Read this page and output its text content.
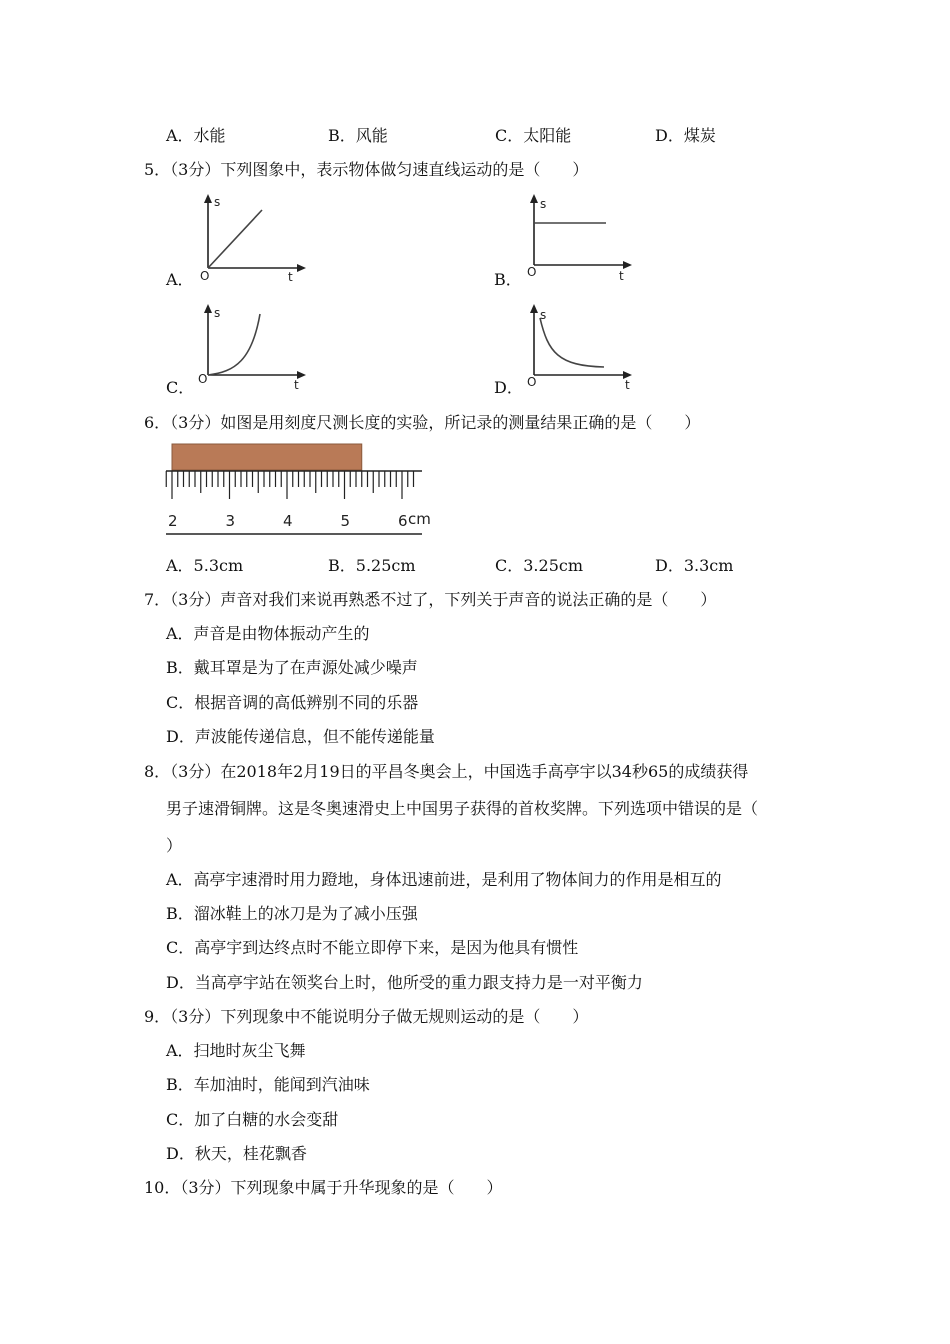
A．水能	B．风能	C．太阳能	D．煤炭
5．（3分）下列图象中，表示物体做匀速直线运动的是（　　）
A．
s
O	t	B．
s
O	t
C．
s
O	t	D．
s
O	t
6．（3分）如图是用刻度尺测长度的实验，所记录的测量结果正确的是（　　）
2	3	4	5	6 cm
A．5.3cm	B．5.25cm	C．3.25cm	D．3.3cm
7．（3分）声音对我们来说再熟悉不过了，下列关于声音的说法正确的是（　　）
A．声音是由物体振动产生的
B．戴耳罩是为了在声源处减少噪声
C．根据音调的高低辨别不同的乐器
D．声波能传递信息，但不能传递能量
8．（3分）在2018年2月19日的平昌冬奥会上，中国选手高亭宇以34秒65的成绩获得
男子速滑铜牌。这是冬奥速滑史上中国男子获得的首枚奖牌。下列选项中错误的是（
）
A．高亭宇速滑时用力蹬地，身体迅速前进，是利用了物体间力的作用是相互的
B．溜冰鞋上的冰刀是为了减小压强
C．高亭宇到达终点时不能立即停下来，是因为他具有惯性
D．当高亭宇站在领奖台上时，他所受的重力跟支持力是一对平衡力
9．（3分）下列现象中不能说明分子做无规则运动的是（　　）
A．扫地时灰尘飞舞
B．车加油时，能闻到汽油味
C．加了白糖的水会变甜
D．秋天，桂花飘香
10．（3分）下列现象中属于升华现象的是（　　）
